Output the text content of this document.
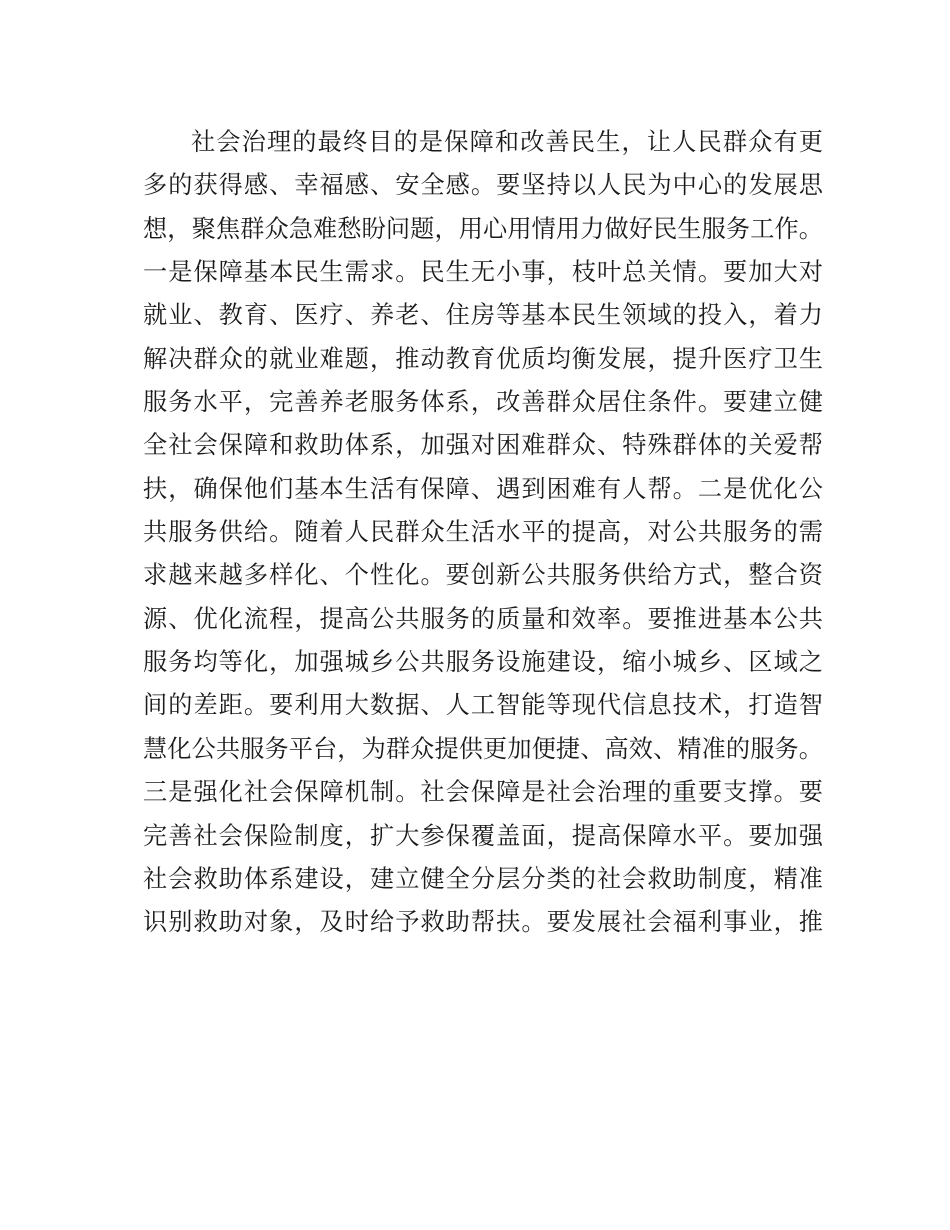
社会治理的最终目的是保障和改善民生，让人民群众有更
多的获得感、幸福感、安全感。要坚持以人民为中心的发展思
想，聚焦群众急难愁盼问题，用心用情用力做好民生服务工作。
一是保障基本民生需求。民生无小事，枝叶总关情。要加大对
就业、教育、医疗、养老、住房等基本民生领域的投入，着力
解决群众的就业难题，推动教育优质均衡发展，提升医疗卫生
服务水平，完善养老服务体系，改善群众居住条件。要建立健
全社会保障和救助体系，加强对困难群众、特殊群体的关爱帮
扶，确保他们基本生活有保障、遇到困难有人帮。二是优化公
共服务供给。随着人民群众生活水平的提高，对公共服务的需
求越来越多样化、个性化。要创新公共服务供给方式，整合资
源、优化流程，提高公共服务的质量和效率。要推进基本公共
服务均等化，加强城乡公共服务设施建设，缩小城乡、区域之
间的差距。要利用大数据、人工智能等现代信息技术，打造智
慧化公共服务平台，为群众提供更加便捷、高效、精准的服务。
三是强化社会保障机制。社会保障是社会治理的重要支撑。要
完善社会保险制度，扩大参保覆盖面，提高保障水平。要加强
社会救助体系建设，建立健全分层分类的社会救助制度，精准
识别救助对象，及时给予救助帮扶。要发展社会福利事业，推
